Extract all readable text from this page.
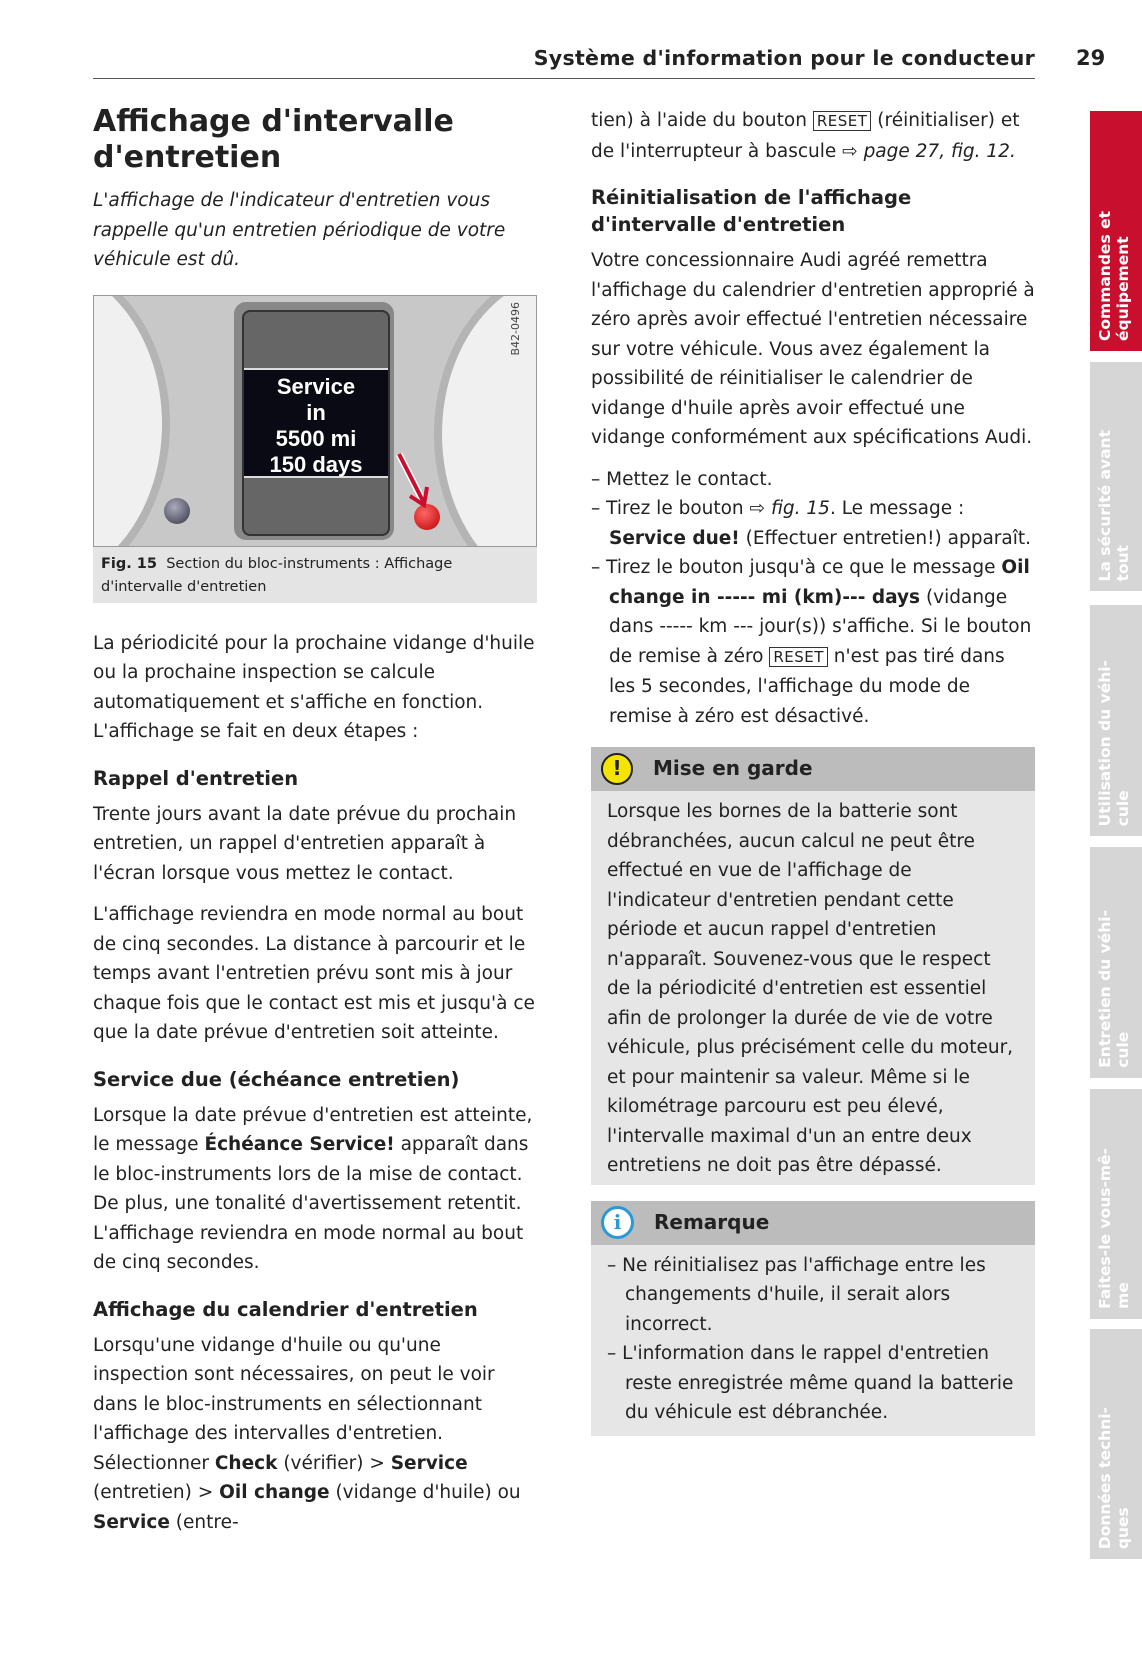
Système d'information pour le conducteur 29
Affichage d'intervalle d'entretien

L'affichage de l'indicateur d'entretien vous rappelle qu'un entretien périodique de votre véhicule est dû.

Service
in
5500 mi
150 days
B42-0496
Fig. 15 Section du bloc-instruments : Affichage d'intervalle d'entretien

La périodicité pour la prochaine vidange d'huile ou la prochaine inspection se calcule automatiquement et s'affiche en fonction. L'affichage se fait en deux étapes :

Rappel d'entretien

Trente jours avant la date prévue du prochain entretien, un rappel d'entretien apparaît à l'écran lorsque vous mettez le contact.

L'affichage reviendra en mode normal au bout de cinq secondes. La distance à parcourir et le temps avant l'entretien prévu sont mis à jour chaque fois que le contact est mis et jusqu'à ce que la date prévue d'entretien soit atteinte.

Service due (échéance entretien)

Lorsque la date prévue d'entretien est atteinte, le message Échéance Service! apparaît dans le bloc-instruments lors de la mise de contact. De plus, une tonalité d'avertissement retentit. L'affichage reviendra en mode normal au bout de cinq secondes.

Affichage du calendrier d'entretien

Lorsqu'une vidange d'huile ou qu'une inspection sont nécessaires, on peut le voir dans le bloc-instruments en sélectionnant l'affichage des intervalles d'entretien. Sélectionner Check (vérifier) > Service (entretien) > Oil change (vidange d'huile) ou Service (entre-

tien) à l'aide du bouton RESET (réinitialiser) et de l'interrupteur à bascule ⇨ page 27, fig. 12.

Réinitialisation de l'affichage d'intervalle d'entretien

Votre concessionnaire Audi agréé remettra l'affichage du calendrier d'entretien approprié à zéro après avoir effectué l'entretien nécessaire sur votre véhicule. Vous avez également la possibilité de réinitialiser le calendrier de vidange d'huile après avoir effectué une vidange conformément aux spécifications Audi.

– Mettez le contact.

– Tirez le bouton ⇨ fig. 15. Le message : Service due! (Effectuer entretien!) apparaît.

– Tirez le bouton jusqu'à ce que le message Oil change in ----- mi (km)--- days (vidange dans ----- km --- jour(s)) s'affiche. Si le bouton de remise à zéro RESET n'est pas tiré dans les 5 secondes, l'affichage du mode de remise à zéro est désactivé.

!	Mise en garde
Lorsque les bornes de la batterie sont débranchées, aucun calcul ne peut être effectué en vue de l'affichage de l'indicateur d'entretien pendant cette période et aucun rappel d'entretien n'apparaît. Souvenez-vous que le respect de la périodicité d'entretien est essentiel afin de prolonger la durée de vie de votre véhicule, plus précisément celle du moteur, et pour maintenir sa valeur. Même si le kilométrage parcouru est peu élevé, l'intervalle maximal d'un an entre deux entretiens ne doit pas être dépassé.
i	Remarque

– Ne réinitialisez pas l'affichage entre les changements d'huile, il serait alors incorrect.

– L'information dans le rappel d'entretien reste enregistrée même quand la batterie du véhicule est débranchée.

Commandes et
équipement
La sécurité avant
tout
Utilisation du véhi-
cule
Entretien du véhi-
cule
Faites-le vous-mê-
me
Données techni-
ques
